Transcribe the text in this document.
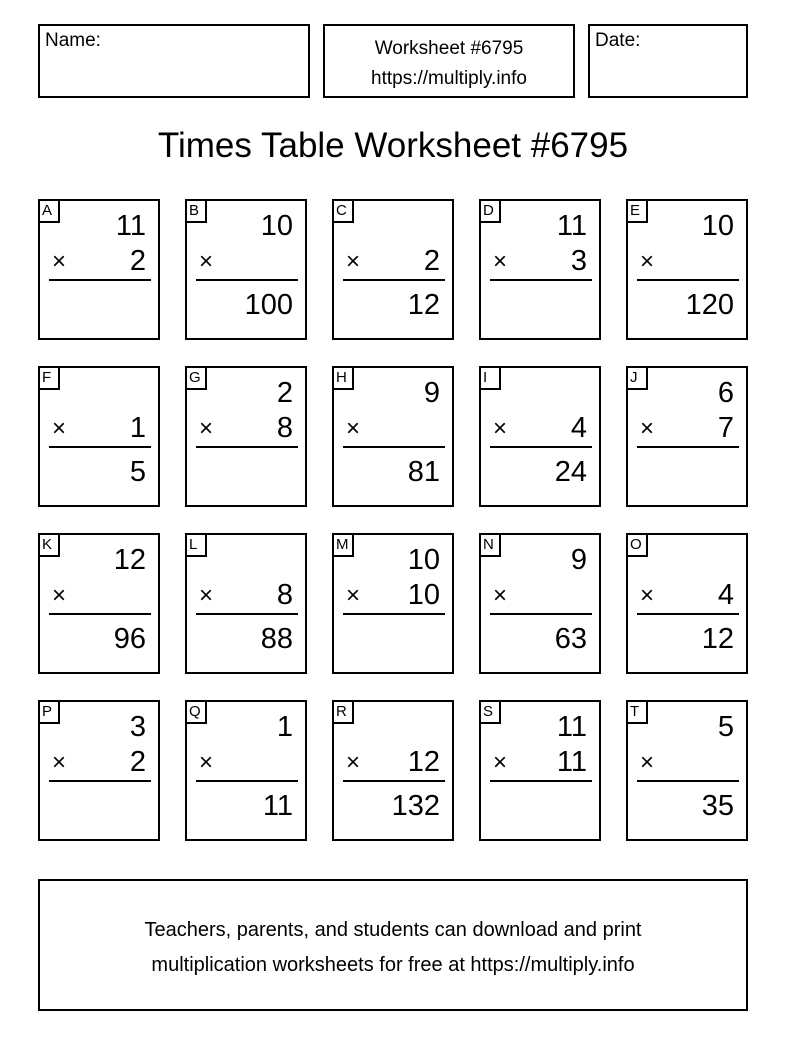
Name:	Worksheet #6795
https://multiply.info
Date:
Times Table Worksheet #6795
A 11
× 2
B 10
×
100
C
× 2
12
D 11
× 3
E 10
×
120
F
× 1
5
G	2
× 8
H	9
×
81
I
× 4
24
J	6
× 7
K 12
×
96
L
× 8
88
M 10
× 10
N	9
×
63
O
× 4
12
P	3
× 2
Q	1
×
11
R
× 12
132
S 11
× 11
T	5
×
35
Teachers, parents, and students can download and print
multiplication worksheets for free at https://multiply.info
